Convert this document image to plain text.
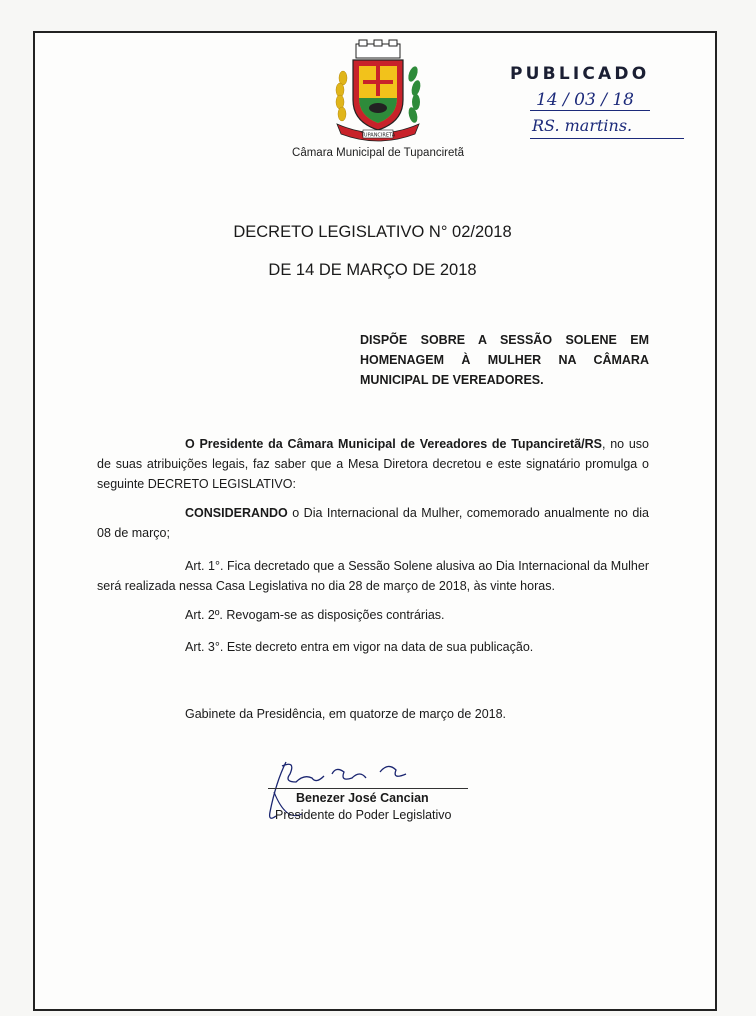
TUPANCIRETÃ
Câmara Municipal de Tupanciretã
PUBLICADO
14 / 03 / 18
RS. martins.
DECRETO LEGISLATIVO N° 02/2018
DE 14 DE MARÇO DE 2018
DISPÕE SOBRE A SESSÃO SOLENE EM HOMENAGEM À MULHER NA CÂMARA MUNICIPAL DE VEREADORES.
O Presidente da Câmara Municipal de Vereadores de Tupanciretã/RS, no uso de suas atribuições legais, faz saber que a Mesa Diretora decretou e este signatário promulga o seguinte DECRETO LEGISLATIVO:
CONSIDERANDO o Dia Internacional da Mulher, comemorado anualmente no dia 08 de março;
Art. 1°. Fica decretado que a Sessão Solene alusiva ao Dia Internacional da Mulher será realizada nessa Casa Legislativa no dia 28 de março de 2018, às vinte horas.
Art. 2º. Revogam-se as disposições contrárias.
Art. 3°. Este decreto entra em vigor na data de sua publicação.
Gabinete da Presidência, em quatorze de março de 2018.
Benezer José Cancian
Presidente do Poder Legislativo
